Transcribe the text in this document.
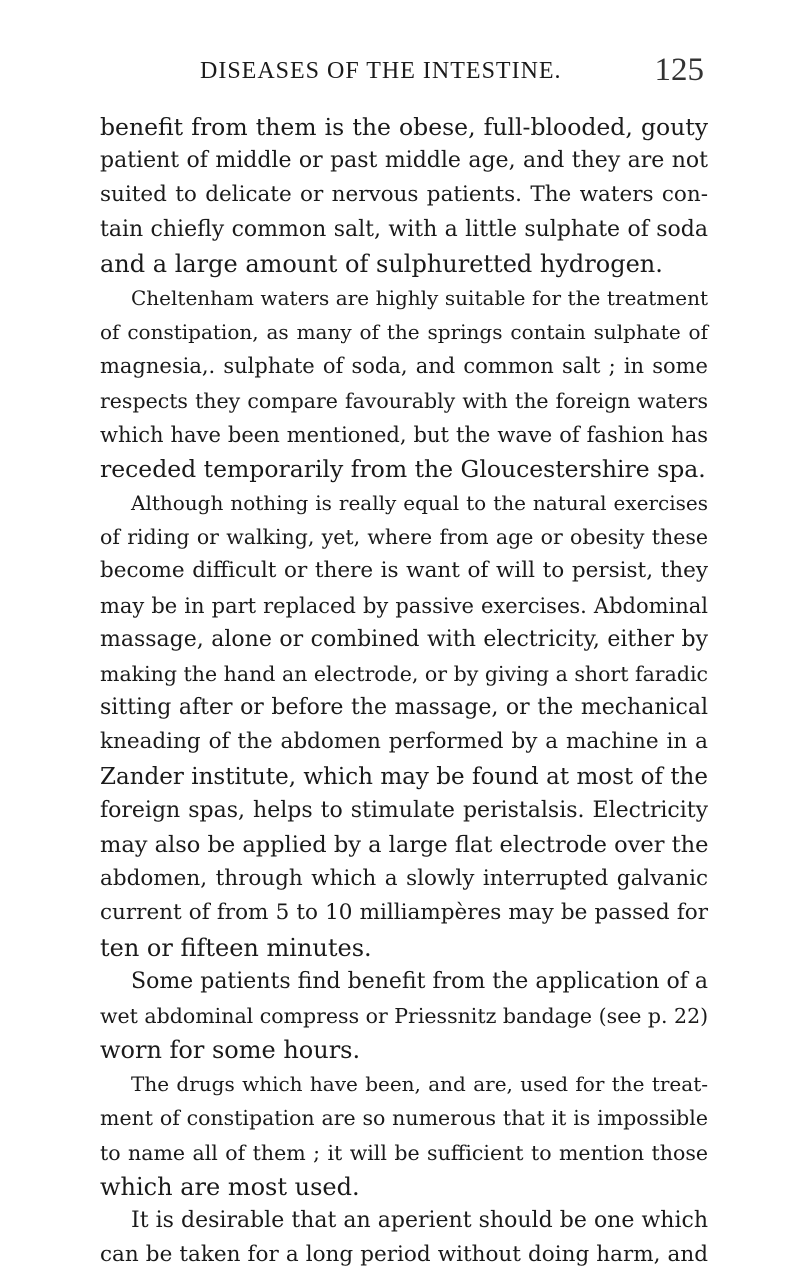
DISEASES OF THE INTESTINE.	125
benefit from them is the obese, full-blooded, gouty
patient of middle or past middle age, and they are not
suited to delicate or nervous patients. The waters con-
tain chiefly common salt, with a little sulphate of soda
and a large amount of sulphuretted hydrogen.
Cheltenham waters are highly suitable for the treatment
of constipation, as many of the springs contain sulphate of
magnesia,. sulphate of soda, and common salt ; in some
respects they compare favourably with the foreign waters
which have been mentioned, but the wave of fashion has
receded temporarily from the Gloucestershire spa.
Although nothing is really equal to the natural exercises
of riding or walking, yet, where from age or obesity these
become difficult or there is want of will to persist, they
may be in part replaced by passive exercises. Abdominal
massage, alone or combined with electricity, either by
making the hand an electrode, or by giving a short faradic
sitting after or before the massage, or the mechanical
kneading of the abdomen performed by a machine in a
Zander institute, which may be found at most of the
foreign spas, helps to stimulate peristalsis. Electricity
may also be applied by a large flat electrode over the
abdomen, through which a slowly interrupted galvanic
current of from 5 to 10 milliampères may be passed for
ten or fifteen minutes.
Some patients find benefit from the application of a
wet abdominal compress or Priessnitz bandage (see p. 22)
worn for some hours.
The drugs which have been, and are, used for the treat-
ment of constipation are so numerous that it is impossible
to name all of them ; it will be sufficient to mention those
which are most used.
It is desirable that an aperient should be one which
can be taken for a long period without doing harm, and
